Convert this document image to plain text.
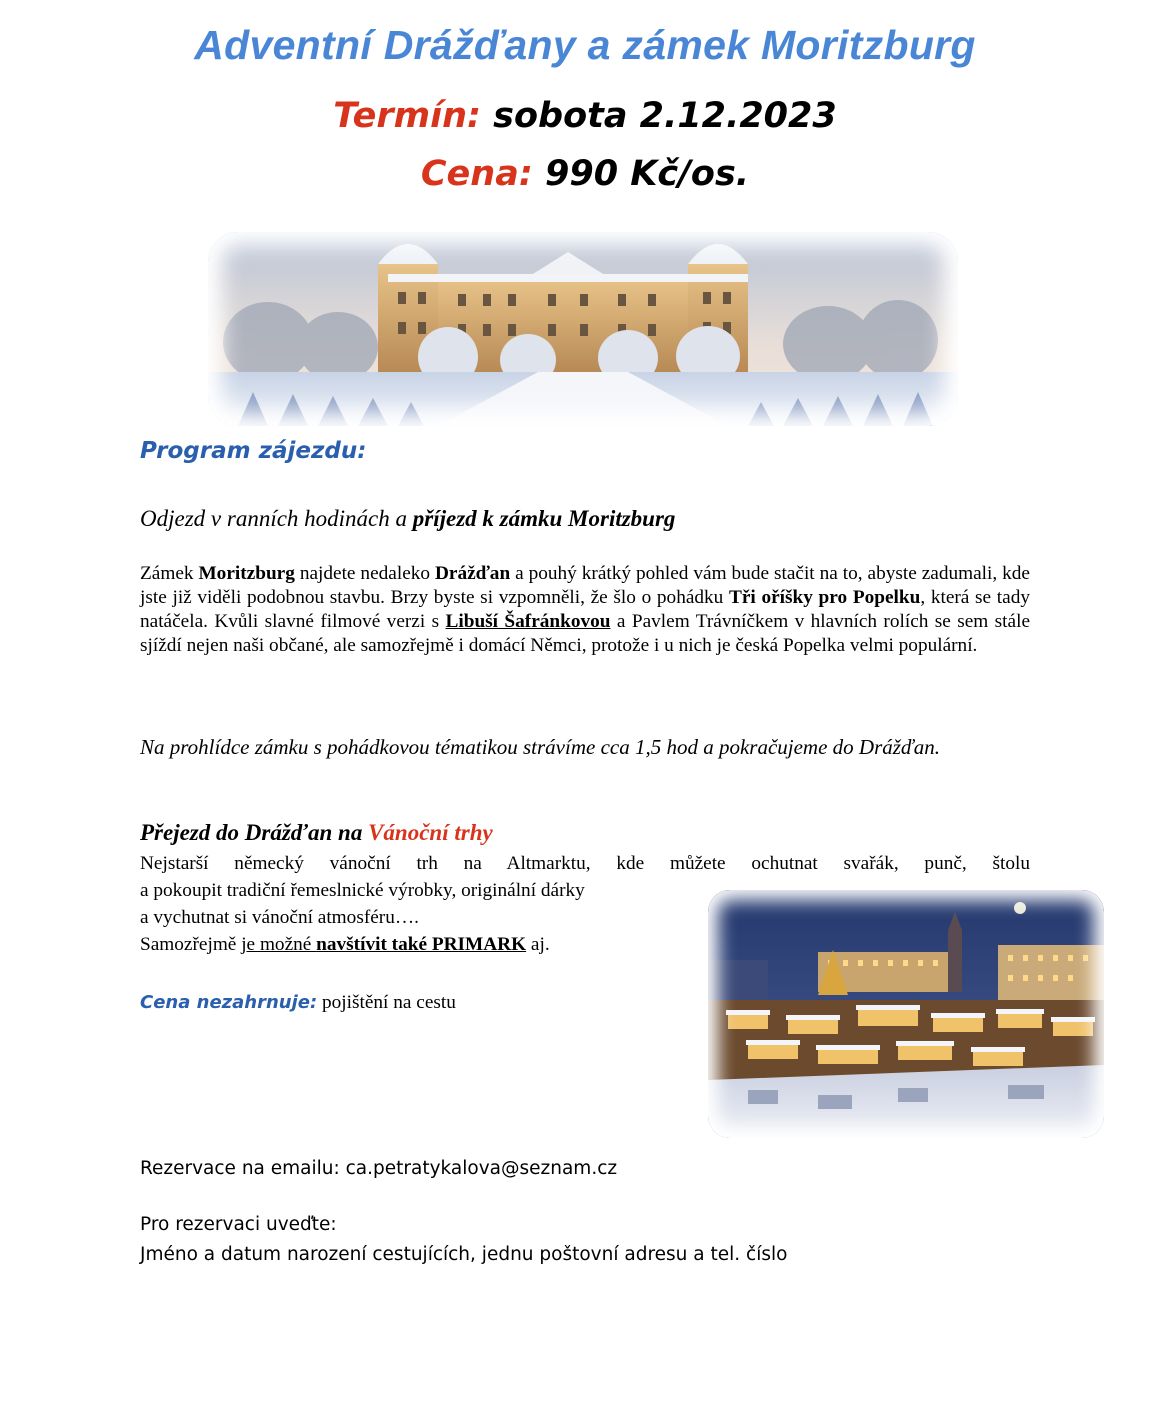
Adventní Drážďany a zámek Moritzburg
Termín: sobota 2.12.2023
Cena: 990 Kč/os.
Program zájezdu:
Odjezd v ranních hodinách a příjezd k zámku Moritzburg
Zámek Moritzburg najdete nedaleko Drážďan a pouhý krátký pohled vám bude stačit na to, abyste zadumali, kde jste již viděli podobnou stavbu. Brzy byste si vzpomněli, že šlo o pohádku Tři oříšky pro Popelku, která se tady natáčela. Kvůli slavné filmové verzi s Libuší Šafránkovou a Pavlem Trávníčkem v hlavních rolích se sem stále sjíždí nejen naši občané, ale samozřejmě i domácí Němci, protože i u nich je česká Popelka velmi populární.
Na prohlídce zámku s pohádkovou tématikou strávíme cca 1,5 hod a pokračujeme do Drážďan.
Přejezd do Drážďan na Vánoční trhy
Nejstarší německý vánoční trh na Altmarktu, kde můžete ochutnat svařák, punč, štolu
a pokoupit tradiční řemeslnické výrobky, originální dárky
a vychutnat si vánoční atmosféru….
Samozřejmě je možné navštívit také PRIMARK aj.
Cena nezahrnuje: pojištění na cestu
Rezervace na emailu: ca.petratykalova@seznam.cz
Pro rezervaci uveďte:
Jméno a datum narození cestujících, jednu poštovní adresu a tel. číslo
